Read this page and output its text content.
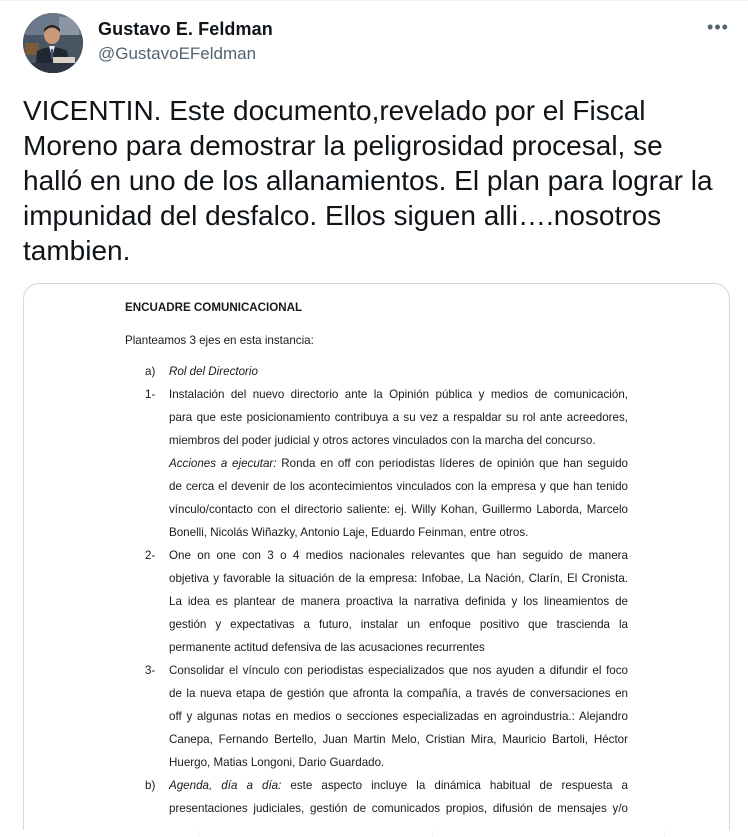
Gustavo E. Feldman
@GustavoEFeldman
•••
VICENTIN. Este documento,revelado por el Fiscal Moreno para demostrar la peligrosidad procesal, se halló en uno de los allanamientos. El plan para lograr la impunidad del desfalco. Ellos siguen alli….nosotros tambien.
ENCUADRE COMUNICACIONAL
Planteamos 3 ejes en esta instancia:
a) Rol del Directorio
1- Instalación del nuevo directorio ante la Opinión pública y medios de comunicación,
para que este posicionamiento contribuya a su vez a respaldar su rol ante acreedores,
miembros del poder judicial y otros actores vinculados con la marcha del concurso.
Acciones a ejecutar: Ronda en off con periodistas líderes de opinión que han seguido
de cerca el devenir de los acontecimientos vinculados con la empresa y que han tenido
vínculo/contacto con el directorio saliente: ej. Willy Kohan, Guillermo Laborda, Marcelo
Bonelli, Nicolás Wiñazky, Antonio Laje, Eduardo Feinman, entre otros.
2- One on one con 3 o 4 medios nacionales relevantes que han seguido de manera
objetiva y favorable la situación de la empresa: Infobae, La Nación, Clarín, El Cronista.
La idea es plantear de manera proactiva la narrativa definida y los lineamientos de
gestión y expectativas a futuro, instalar un enfoque positivo que trascienda la
permanente actitud defensiva de las acusaciones recurrentes
3- Consolidar el vínculo con periodistas especializados que nos ayuden a difundir el foco
de la nueva etapa de gestión que afronta la compañía, a través de conversaciones en
off y algunas notas en medios o secciones especializadas en agroindustria.: Alejandro
Canepa, Fernando Bertello, Juan Martin Melo, Cristian Mira, Mauricio Bartoli, Héctor
Huergo, Matias Longoni, Dario Guardado.
b) Agenda, día a día: este aspecto incluye la dinámica habitual de respuesta a
presentaciones judiciales, gestión de comunicados propios, difusión de mensajes y/o
